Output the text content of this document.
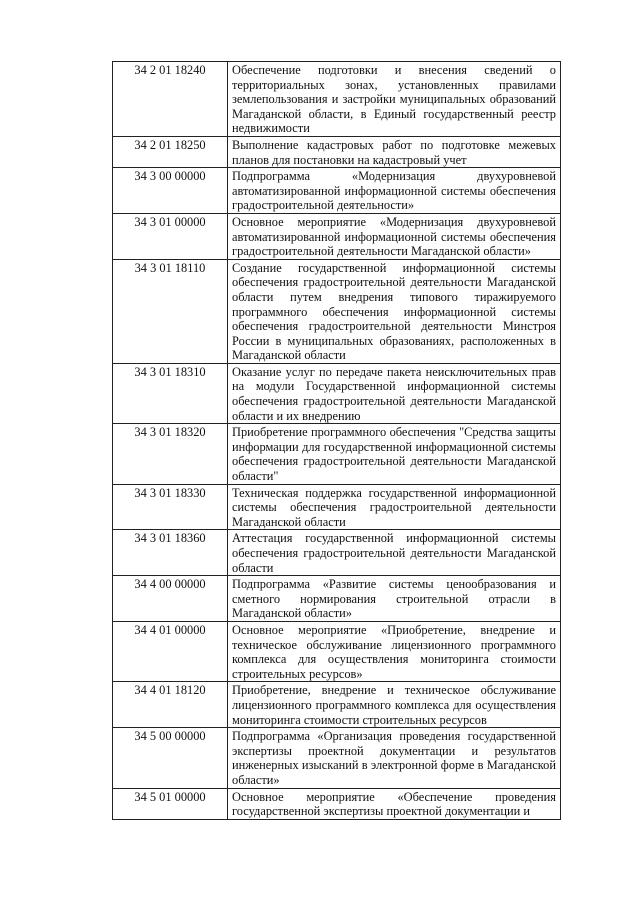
34 2 01 18240	Обеспечение подготовки и внесения сведений о территориальных зонах, установленных правилами землепользования и застройки муниципальных образований Магаданской области, в Единый государственный реестр недвижимости
34 2 01 18250	Выполнение кадастровых работ по подготовке межевых планов для постановки на кадастровый учет
34 3 00 00000	Подпрограмма «Модернизация двухуровневой автоматизированной информационной системы обеспечения градостроительной деятельности»
34 3 01 00000	Основное мероприятие «Модернизация двухуровневой автоматизированной информационной системы обеспечения градостроительной деятельности Магаданской области»
34 3 01 18110	Создание государственной информационной системы обеспечения градостроительной деятельности Магаданской области путем внедрения типового тиражируемого программного обеспечения информационной системы обеспечения градостроительной деятельности Минстроя России в муниципальных образованиях, расположенных в Магаданской области
34 3 01 18310	Оказание услуг по передаче пакета неисключительных прав на модули Государственной информационной системы обеспечения градостроительной деятельности Магаданской области и их внедрению
34 3 01 18320	Приобретение программного обеспечения "Средства защиты информации для государственной информационной системы обеспечения градостроительной деятельности Магаданской области"
34 3 01 18330	Техническая поддержка государственной информационной системы обеспечения градостроительной деятельности Магаданской области
34 3 01 18360	Аттестация государственной информационной системы обеспечения градостроительной деятельности Магаданской области
34 4 00 00000	Подпрограмма «Развитие системы ценообразования и сметного нормирования строительной отрасли в Магаданской области»
34 4 01 00000	Основное мероприятие «Приобретение, внедрение и техническое обслуживание лицензионного программного комплекса для осуществления мониторинга стоимости строительных ресурсов»
34 4 01 18120	Приобретение, внедрение и техническое обслуживание лицензионного программного комплекса для осуществления мониторинга стоимости строительных ресурсов
34 5 00 00000	Подпрограмма «Организация проведения государственной экспертизы проектной документации и результатов инженерных изысканий в электронной форме в Магаданской области»
34 5 01 00000	Основное мероприятие «Обеспечение проведения государственной экспертизы проектной документации и
